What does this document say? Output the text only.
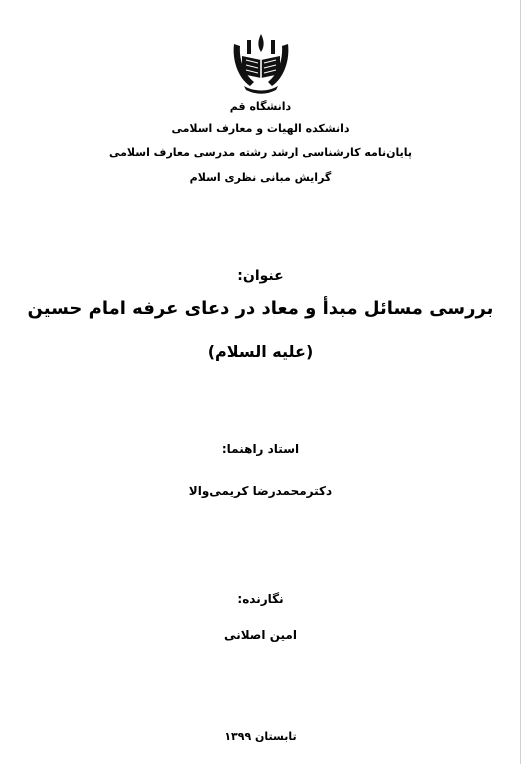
دانشگاه قم
دانشکده الهیات و معارف اسلامی
پایان‌نامه کارشناسی ارشد رشته مدرسی معارف اسلامی
گرایش مبانی نظری اسلام
عنوان:
بررسی مسائل مبدأ و معاد در دعای عرفه امام حسین
(علیه السلام)
استاد راهنما:
دکترمحمدرضا کریمی‌والا
نگارنده:
امین اصلانی
تابستان ۱۳۹۹
